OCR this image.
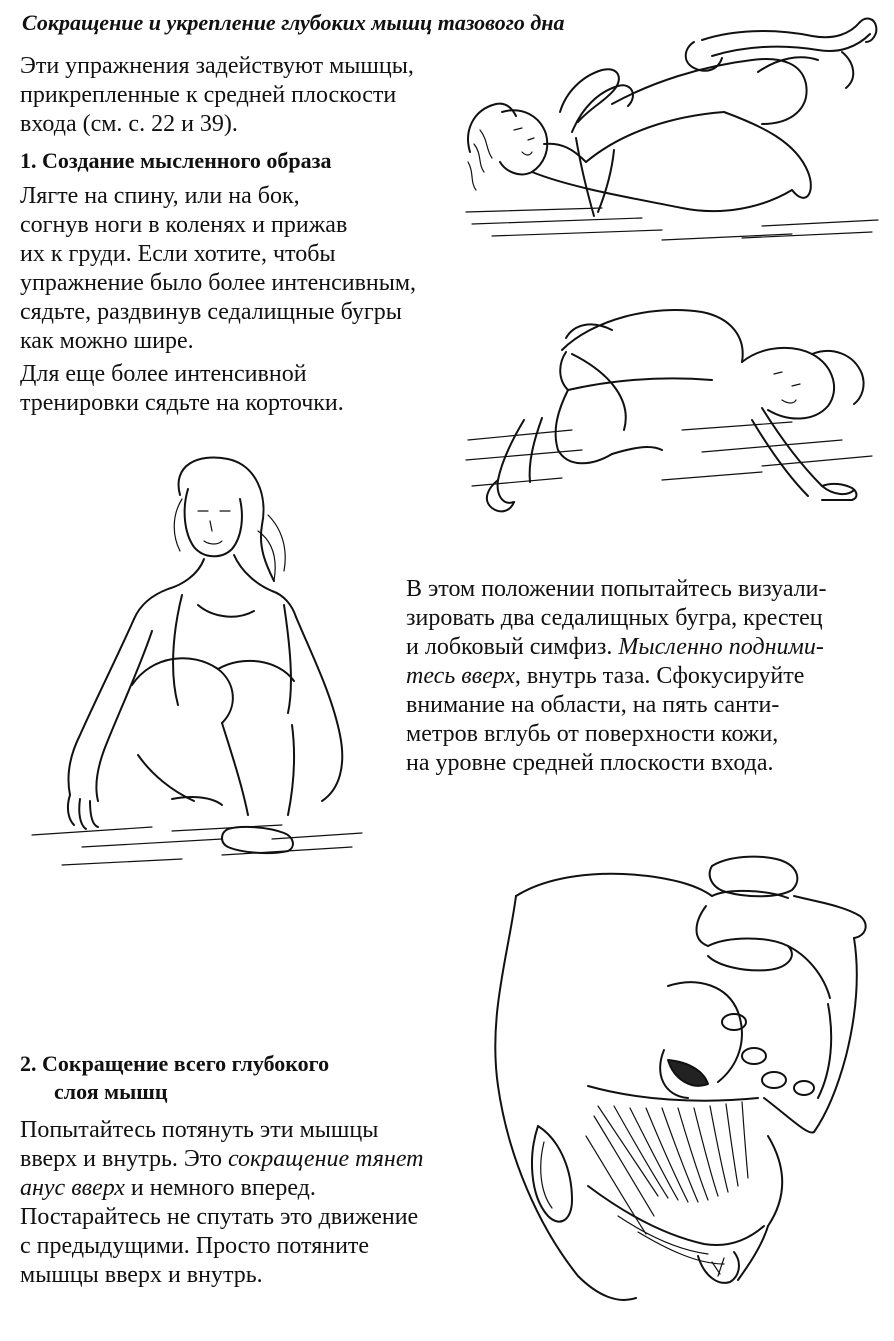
Сокращение и укрепление глубоких мышц тазового дна

Эти упражнения задействуют мышцы,
прикрепленные к средней плоскости
входа (см. с. 22 и 39).

1. Создание мысленного образа

Лягте на спину, или на бок,
согнув ноги в коленях и прижав
их к груди. Если хотите, чтобы
упражнение было более интенсивным,
сядьте, раздвинув седалищные бугры
как можно шире.

Для еще более интенсивной
тренировки сядьте на корточки.

В этом положении попытайтесь визуали-
зировать два седалищных бугра, крестец
и лобковый симфиз. Мысленно подними-
тесь вверх, внутрь таза. Сфокусируйте
внимание на области, на пять санти-
метров вглубь от поверхности кожи,
на уровне средней плоскости входа.

2. Сокращение всего глубокого
слоя мышц

Попытайтесь потянуть эти мышцы
вверх и внутрь. Это сокращение тянет
анус вверх и немного вперед.
Постарайтесь не спутать это движение
с предыдущими. Просто потяните
мышцы вверх и внутрь.
